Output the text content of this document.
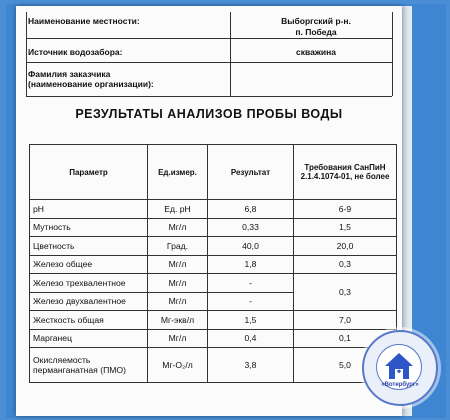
Наименование местности:	Выборгский р-н.
п. Победа
Источник водозабора:	скважина
Фамилия заказчика
(наименование организации):
РЕЗУЛЬТАТЫ АНАЛИЗОВ ПРОБЫ ВОДЫ
Параметр	Ед.измер.	Результат	Требования СанПиН 2.1.4.1074-01, не более
pH	Ед. pH	6,8	6-9
Мутность	Мг/л	0,33	1,5
Цветность	Град.	40,0	20,0
Железо общее	Мг/л	1,8	0,3
Железо трехвалентное	Мг/л	-	0,3
Железо двухвалентное	Мг/л	-	
Жесткость общая	Мг-экв/л	1,5	7,0
Марганец	Мг/л	0,4	0,1
Окисляемость перманганатная (ПМО)	Мг-O₂/л	3,8	5,0
«Вотербург»
